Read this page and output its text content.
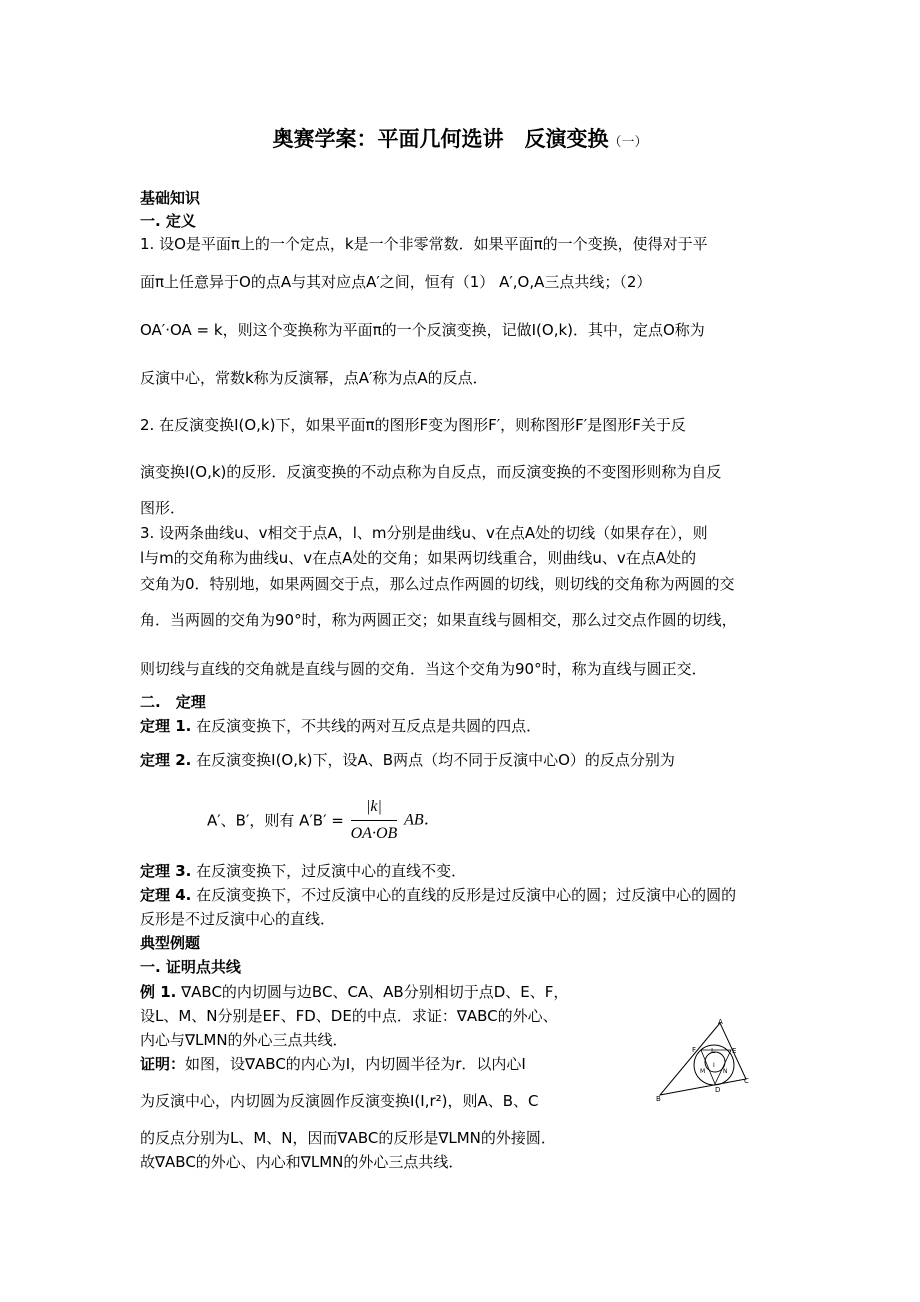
奥赛学案：平面几何选讲　反演变换（一）
基础知识
一. 定义
1. 设O是平面π上的一个定点，k是一个非零常数．如果平面π的一个变换，使得对于平
面π上任意异于O的点A与其对应点A′之间，恒有（1） A′,O,A三点共线；（2）
OA′·OA = k，则这个变换称为平面π的一个反演变换，记做I(O,k)．其中，定点O称为
反演中心，常数k称为反演幂，点A′称为点A的反点．
2. 在反演变换I(O,k)下，如果平面π的图形F变为图形F′，则称图形F′是图形F关于反
演变换I(O,k)的反形．反演变换的不动点称为自反点，而反演变换的不变图形则称为自反
图形．
3. 设两条曲线u、v相交于点A，l、m分别是曲线u、v在点A处的切线（如果存在），则
l与m的交角称为曲线u、v在点A处的交角；如果两切线重合，则曲线u、v在点A处的
交角为0．特别地，如果两圆交于点，那么过点作两圆的切线，则切线的交角称为两圆的交
角．当两圆的交角为90°时，称为两圆正交；如果直线与圆相交，那么过交点作圆的切线，
则切线与直线的交角就是直线与圆的交角．当这个交角为90°时，称为直线与圆正交．
二.　定理
定理 1. 在反演变换下，不共线的两对互反点是共圆的四点．
定理 2. 在反演变换I(O,k)下，设A、B两点（均不同于反演中心O）的反点分别为
A′、B′，则有 $A'B' = \frac{|k|}{OA\cdot OB}$ AB．
定理 3. 在反演变换下，过反演中心的直线不变．
定理 4. 在反演变换下，不过反演中心的直线的反形是过反演中心的圆；过反演中心的圆的
反形是不过反演中心的直线．
典型例题
一. 证明点共线
例 1. ∇ABC的内切圆与边BC、CA、AB分别相切于点D、E、F，
设L、M、N分别是EF、FD、DE的中点．求证：∇ABC的外心、
内心与∇LMN的外心三点共线．
证明：如图，设∇ABC的内心为I，内切圆半径为r．以内心I
为反演中心，内切圆为反演圆作反演变换I(I,r²)，则A、B、C
的反点分别为L、M、N，因而∇ABC的反形是∇LMN的外接圆．
故∇ABC的外心、内心和∇LMN的外心三点共线．
A
B
C
D
E
F L
M	N
I
